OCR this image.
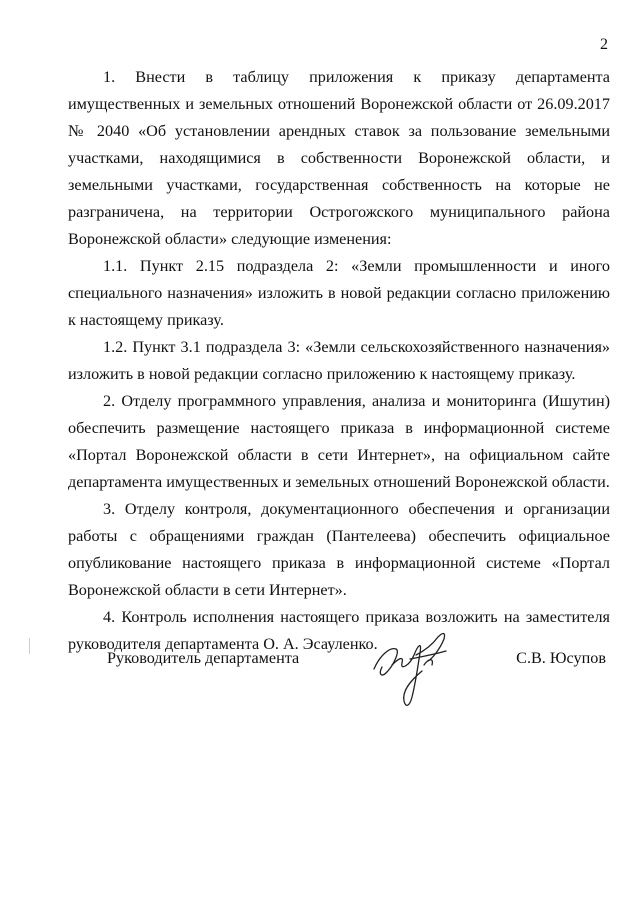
2

1. Внести в таблицу приложения к приказу департамента имущественных и земельных отношений Воронежской области от 26.09.2017 № 2040 «Об установлении арендных ставок за пользование земельными участками, находящимися в собственности Воронежской области, и земельными участками, государственная собственность на которые не разграничена, на территории Острогожского муниципального района Воронежской области» следующие изменения:

1.1. Пункт 2.15 подраздела 2: «Земли промышленности и иного специального назначения» изложить в новой редакции согласно приложению к настоящему приказу.

1.2. Пункт 3.1 подраздела 3: «Земли сельскохозяйственного назначения» изложить в новой редакции согласно приложению к настоящему приказу.

2. Отделу программного управления, анализа и мониторинга (Ишутин) обеспечить размещение настоящего приказа в информационной системе «Портал Воронежской области в сети Интернет», на официальном сайте департамента имущественных и земельных отношений Воронежской области.

3. Отделу контроля, документационного обеспечения и организации работы с обращениями граждан (Пантелеева) обеспечить официальное опубликование настоящего приказа в информационной системе «Портал Воронежской области в сети Интернет».

4. Контроль исполнения настоящего приказа возложить на заместителя руководителя департамента О. А. Эсауленко.

Руководитель департамента	С.В. Юсупов
